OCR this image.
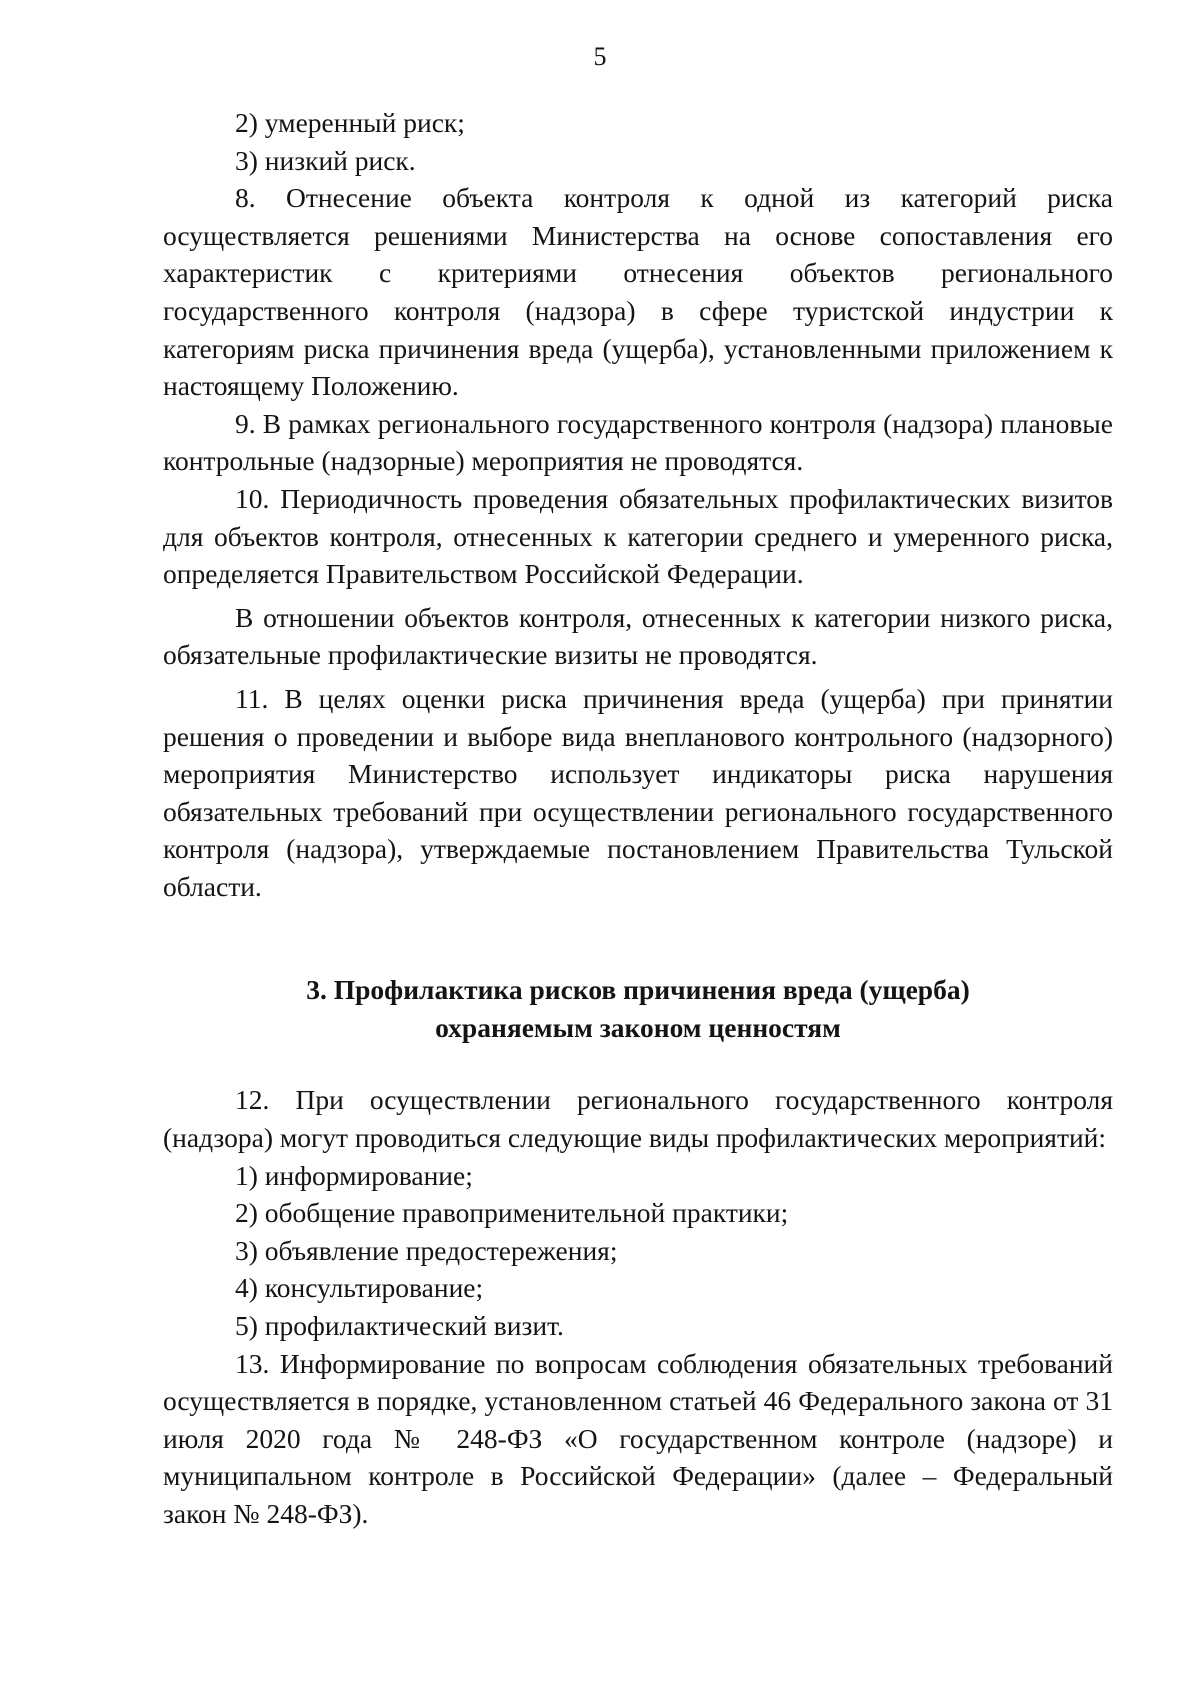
5

2) умеренный риск;

3) низкий риск.

8. Отнесение объекта контроля к одной из категорий риска осуществляется решениями Министерства на основе сопоставления его характеристик с критериями отнесения объектов регионального государственного контроля (надзора) в сфере туристской индустрии к категориям риска причинения вреда (ущерба), установленными приложением к настоящему Положению.

9. В рамках регионального государственного контроля (надзора) плановые контрольные (надзорные) мероприятия не проводятся.

10. Периодичность проведения обязательных профилактических визитов для объектов контроля, отнесенных к категории среднего и умеренного риска, определяется Правительством Российской Федерации.

В отношении объектов контроля, отнесенных к категории низкого риска, обязательные профилактические визиты не проводятся.

11. В целях оценки риска причинения вреда (ущерба) при принятии решения о проведении и выборе вида внепланового контрольного (надзорного) мероприятия Министерство использует индикаторы риска нарушения обязательных требований при осуществлении регионального государственного контроля (надзора), утверждаемые постановлением Правительства Тульской области.

3. Профилактика рисков причинения вреда (ущерба)
охраняемым законом ценностям

12. При осуществлении регионального государственного контроля (надзора) могут проводиться следующие виды профилактических мероприятий:

1) информирование;

2) обобщение правоприменительной практики;

3) объявление предостережения;

4) консультирование;

5) профилактический визит.

13. Информирование по вопросам соблюдения обязательных требований осуществляется в порядке, установленном статьей 46 Федерального закона от 31 июля 2020 года № 248-ФЗ «О государственном контроле (надзоре) и муниципальном контроле в Российской Федерации» (далее – Федеральный закон № 248-ФЗ).
